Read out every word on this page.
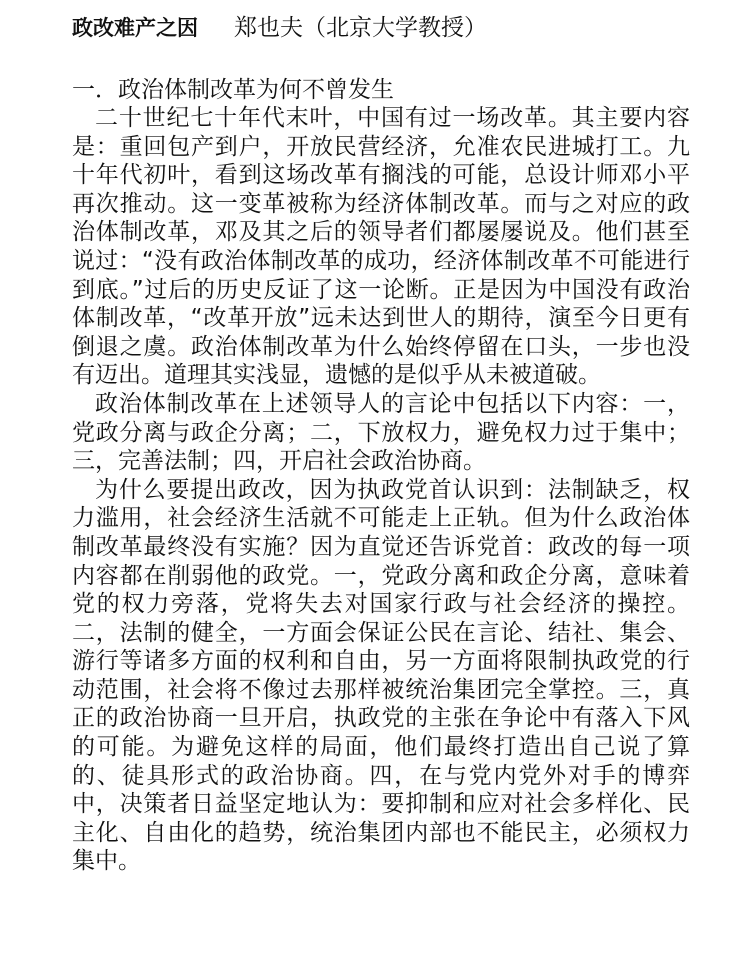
政改难产之因 郑也夫（北京大学教授）
一．政治体制改革为何不曾发生

二十世纪七十年代末叶，中国有过一场改革。其主要内容是：重回包产到户，开放民营经济，允准农民进城打工。九十年代初叶，看到这场改革有搁浅的可能，总设计师邓小平再次推动。这一变革被称为经济体制改革。而与之对应的政治体制改革，邓及其之后的领导者们都屡屡说及。他们甚至说过：“没有政治体制改革的成功，经济体制改革不可能进行到底。”过后的历史反证了这一论断。正是因为中国没有政治体制改革，“改革开放”远未达到世人的期待，演至今日更有倒退之虞。政治体制改革为什么始终停留在口头，一步也没有迈出。道理其实浅显，遗憾的是似乎从未被道破。

政治体制改革在上述领导人的言论中包括以下内容：一，党政分离与政企分离；二，下放权力，避免权力过于集中；三，完善法制；四，开启社会政治协商。

为什么要提出政改，因为执政党首认识到：法制缺乏，权力滥用，社会经济生活就不可能走上正轨。但为什么政治体制改革最终没有实施？因为直觉还告诉党首：政改的每一项内容都在削弱他的政党。一，党政分离和政企分离，意味着党的权力旁落，党将失去对国家行政与社会经济的操控。二，法制的健全，一方面会保证公民在言论、结社、集会、游行等诸多方面的权利和自由，另一方面将限制执政党的行动范围，社会将不像过去那样被统治集团完全掌控。三，真正的政治协商一旦开启，执政党的主张在争论中有落入下风的可能。为避免这样的局面，他们最终打造出自己说了算的、徒具形式的政治协商。四，在与党内党外对手的博弈中，决策者日益坚定地认为：要抑制和应对社会多样化、民主化、自由化的趋势，统治集团内部也不能民主，必须权力集中。
